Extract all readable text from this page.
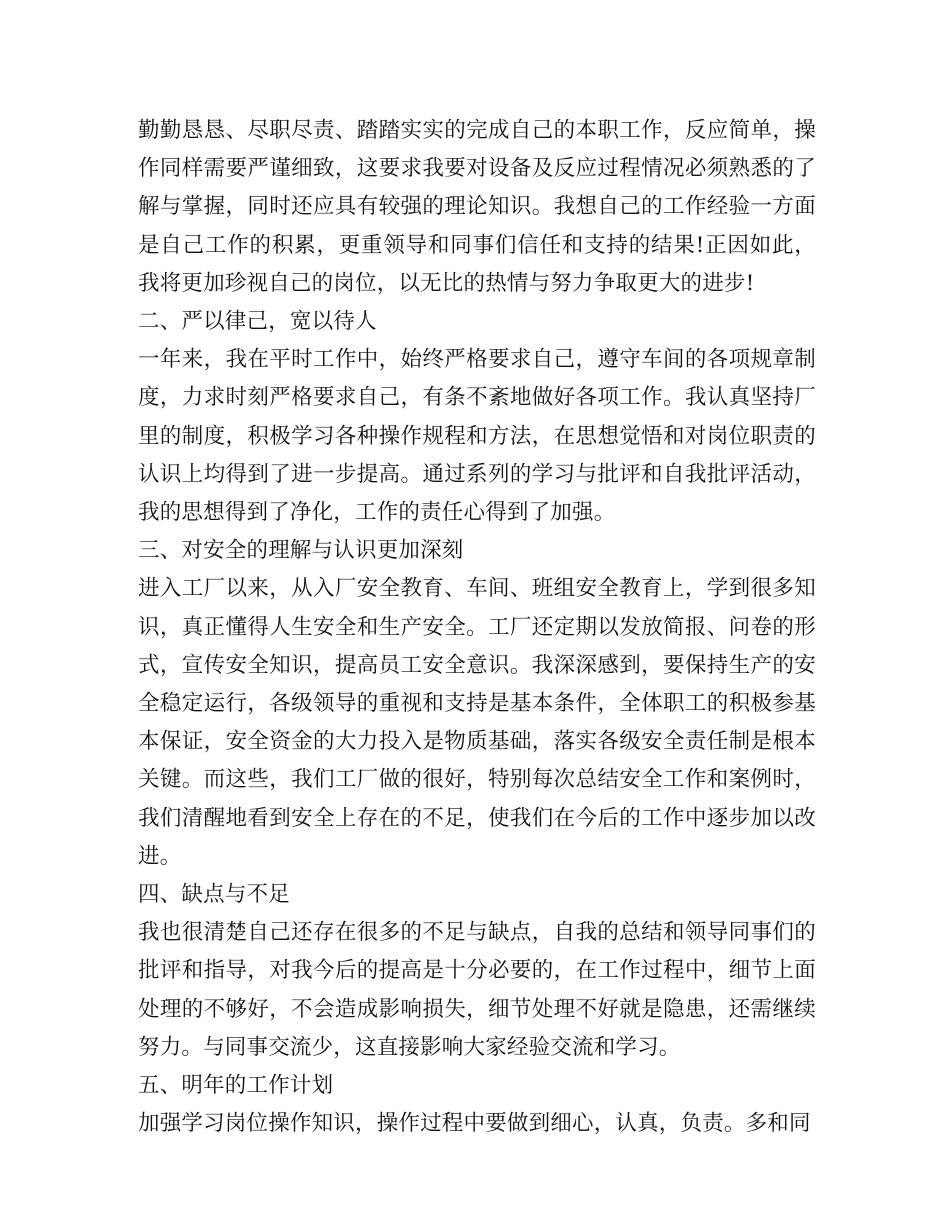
勤勤恳恳、尽职尽责、踏踏实实的完成自己的本职工作，反应简单，操作同样需要严谨细致，这要求我要对设备及反应过程情况必须熟悉的了解与掌握，同时还应具有较强的理论知识。我想自己的工作经验一方面是自己工作的积累，更重领导和同事们信任和支持的结果!正因如此，我将更加珍视自己的岗位，以无比的热情与努力争取更大的进步!

二、严以律己，宽以待人

一年来，我在平时工作中，始终严格要求自己，遵守车间的各项规章制度，力求时刻严格要求自己，有条不紊地做好各项工作。我认真坚持厂里的制度，积极学习各种操作规程和方法，在思想觉悟和对岗位职责的认识上均得到了进一步提高。通过系列的学习与批评和自我批评活动，我的思想得到了净化，工作的责任心得到了加强。

三、对安全的理解与认识更加深刻

进入工厂以来，从入厂安全教育、车间、班组安全教育上，学到很多知识，真正懂得人生安全和生产安全。工厂还定期以发放简报、问卷的形式，宣传安全知识，提高员工安全意识。我深深感到，要保持生产的安全稳定运行，各级领导的重视和支持是基本条件，全体职工的积极参基本保证，安全资金的大力投入是物质基础，落实各级安全责任制是根本关键。而这些，我们工厂做的很好，特别每次总结安全工作和案例时，我们清醒地看到安全上存在的不足，使我们在今后的工作中逐步加以改进。

四、缺点与不足

我也很清楚自己还存在很多的不足与缺点，自我的总结和领导同事们的批评和指导，对我今后的提高是十分必要的，在工作过程中，细节上面处理的不够好，不会造成影响损失，细节处理不好就是隐患，还需继续努力。与同事交流少，这直接影响大家经验交流和学习。

五、明年的工作计划

加强学习岗位操作知识，操作过程中要做到细心，认真，负责。多和同
